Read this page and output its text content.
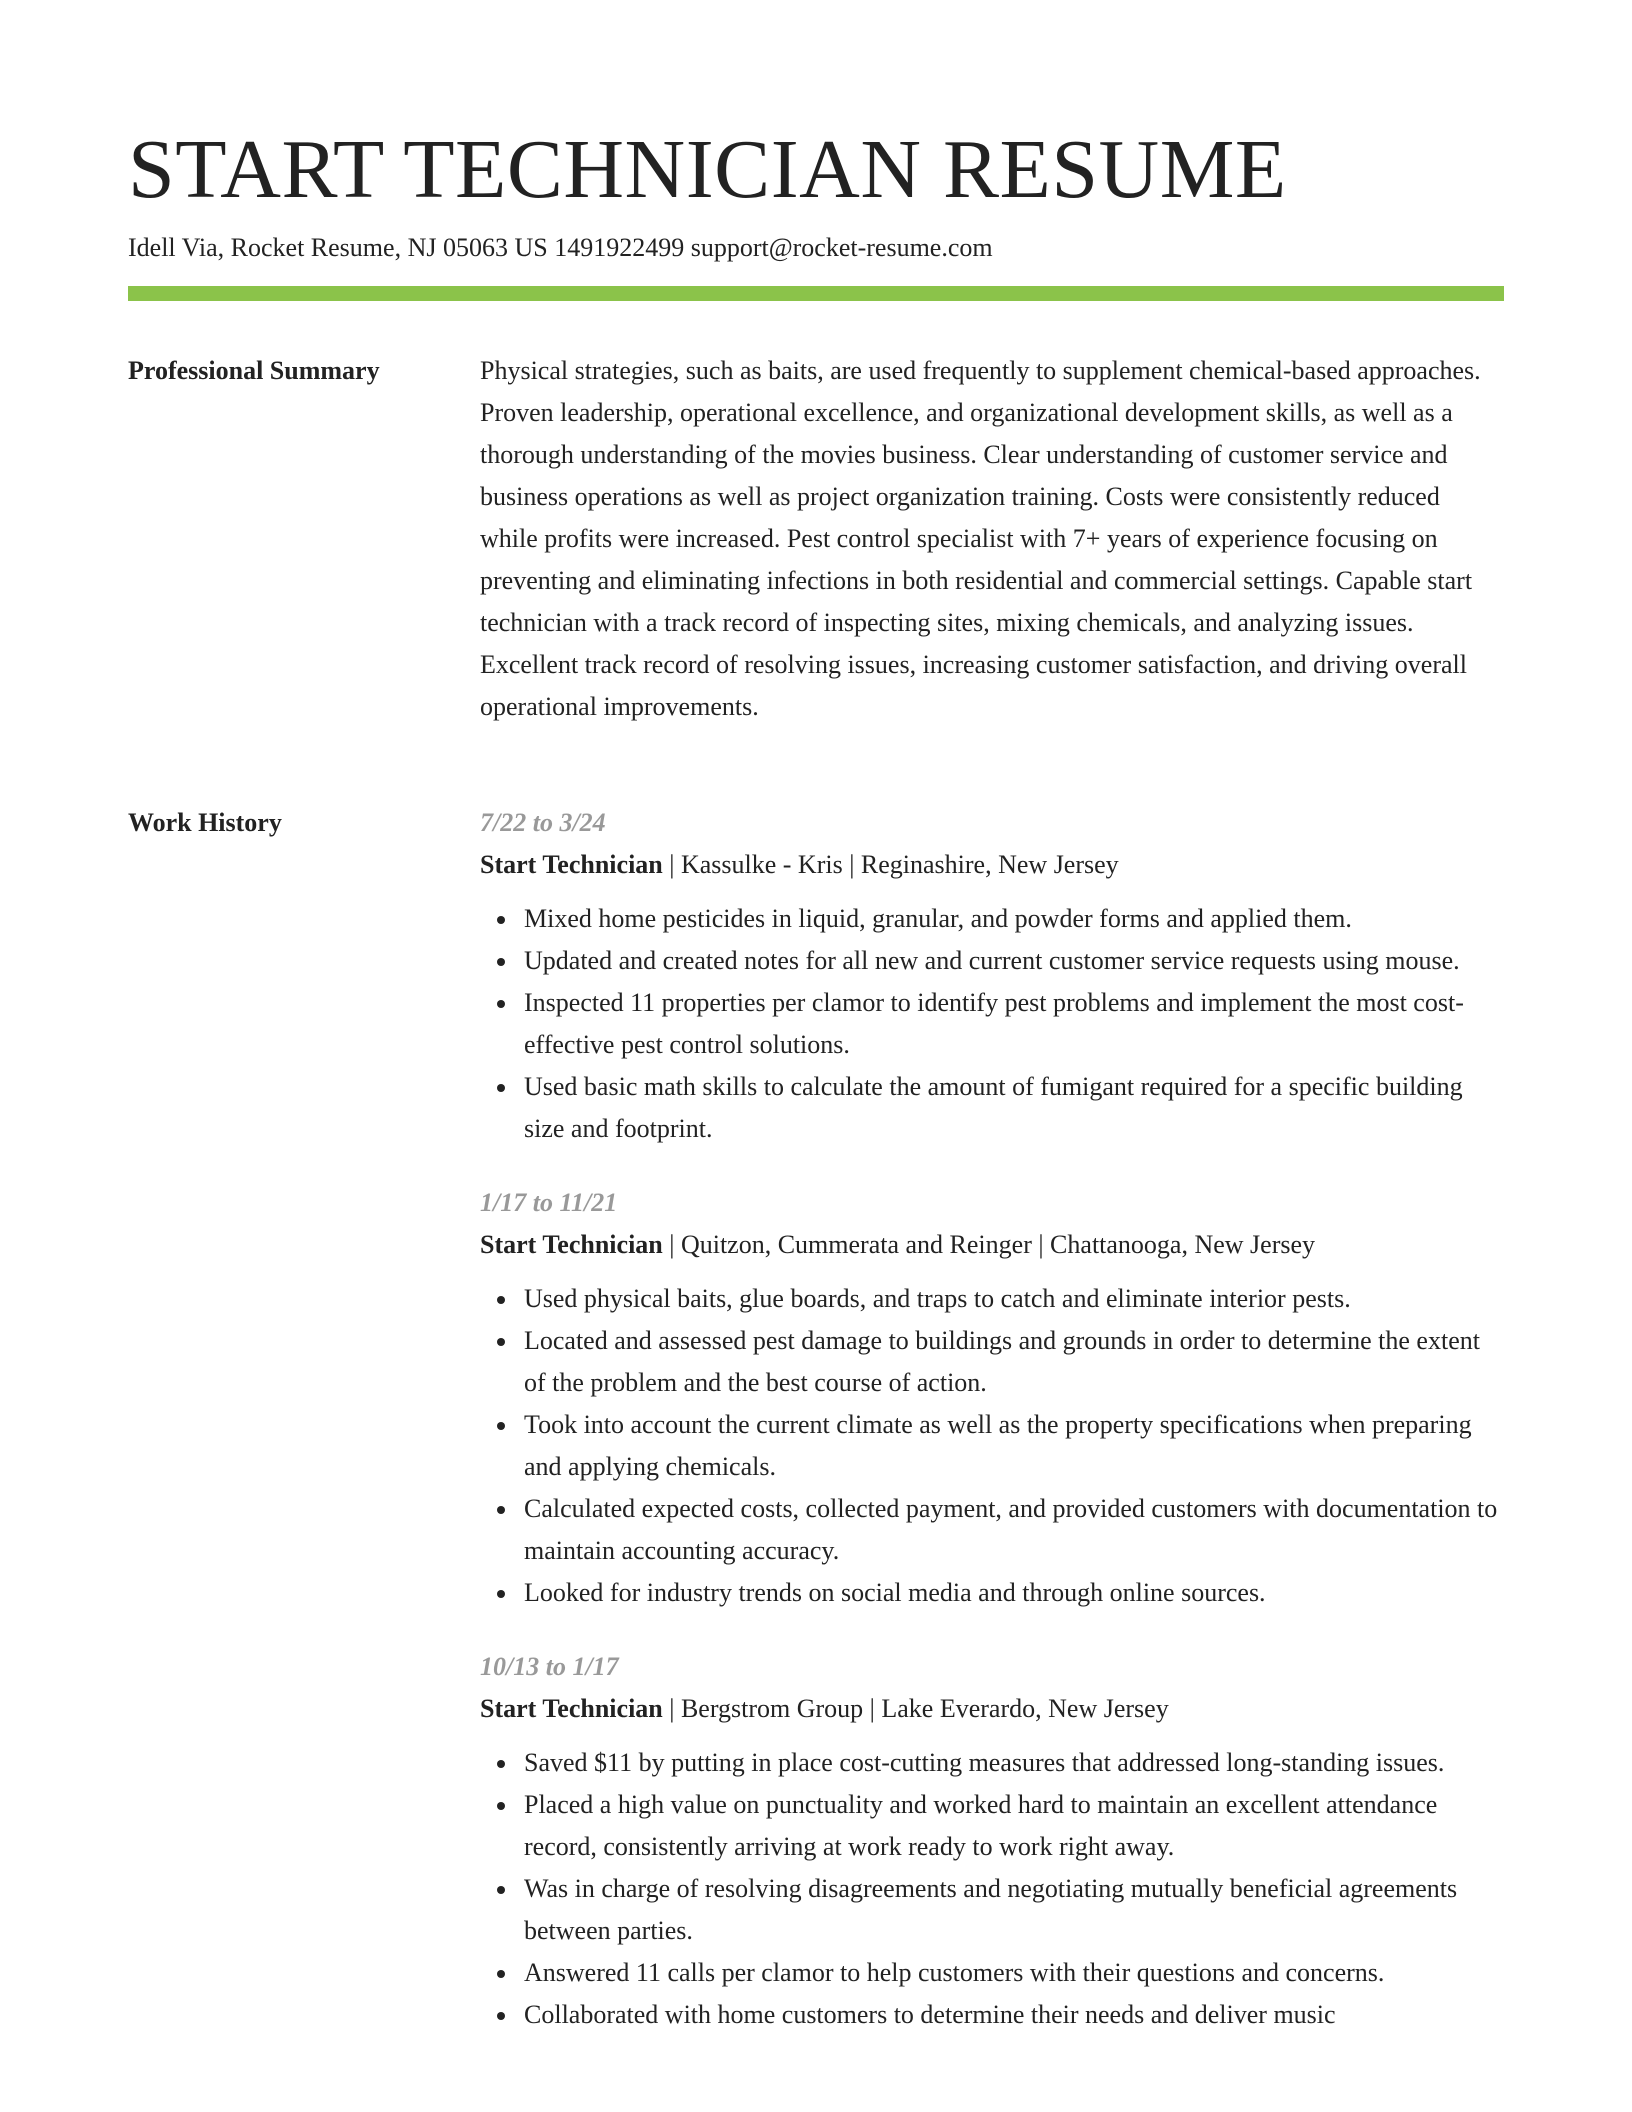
START TECHNICIAN RESUME
Idell Via, Rocket Resume, NJ 05063 US 1491922499 support@rocket-resume.com
Professional Summary	Physical strategies, such as baits, are used frequently to supplement chemical-based approaches. Proven leadership, operational excellence, and organizational development skills, as well as a thorough understanding of the movies business. Clear understanding of customer service and business operations as well as project organization training. Costs were consistently reduced while profits were increased. Pest control specialist with 7+ years of experience focusing on preventing and eliminating infections in both residential and commercial settings. Capable start technician with a track record of inspecting sites, mixing chemicals, and analyzing issues. Excellent track record of resolving issues, increasing customer satisfaction, and driving overall operational improvements.

Work History	7/22 to 3/24
Start Technician | Kassulke - Kris | Reginashire, New Jersey
Mixed home pesticides in liquid, granular, and powder forms and applied them.
Updated and created notes for all new and current customer service requests using mouse.
Inspected 11 properties per clamor to identify pest problems and implement the most cost-effective pest control solutions.
Used basic math skills to calculate the amount of fumigant required for a specific building size and footprint.
1/17 to 11/21
Start Technician | Quitzon, Cummerata and Reinger | Chattanooga, New Jersey
Used physical baits, glue boards, and traps to catch and eliminate interior pests.
Located and assessed pest damage to buildings and grounds in order to determine the extent of the problem and the best course of action.
Took into account the current climate as well as the property specifications when preparing and applying chemicals.
Calculated expected costs, collected payment, and provided customers with documentation to maintain accounting accuracy.
Looked for industry trends on social media and through online sources.
10/13 to 1/17
Start Technician | Bergstrom Group | Lake Everardo, New Jersey
Saved $11 by putting in place cost-cutting measures that addressed long-standing issues.
Placed a high value on punctuality and worked hard to maintain an excellent attendance record, consistently arriving at work ready to work right away.
Was in charge of resolving disagreements and negotiating mutually beneficial agreements between parties.
Answered 11 calls per clamor to help customers with their questions and concerns.
Collaborated with home customers to determine their needs and deliver music
